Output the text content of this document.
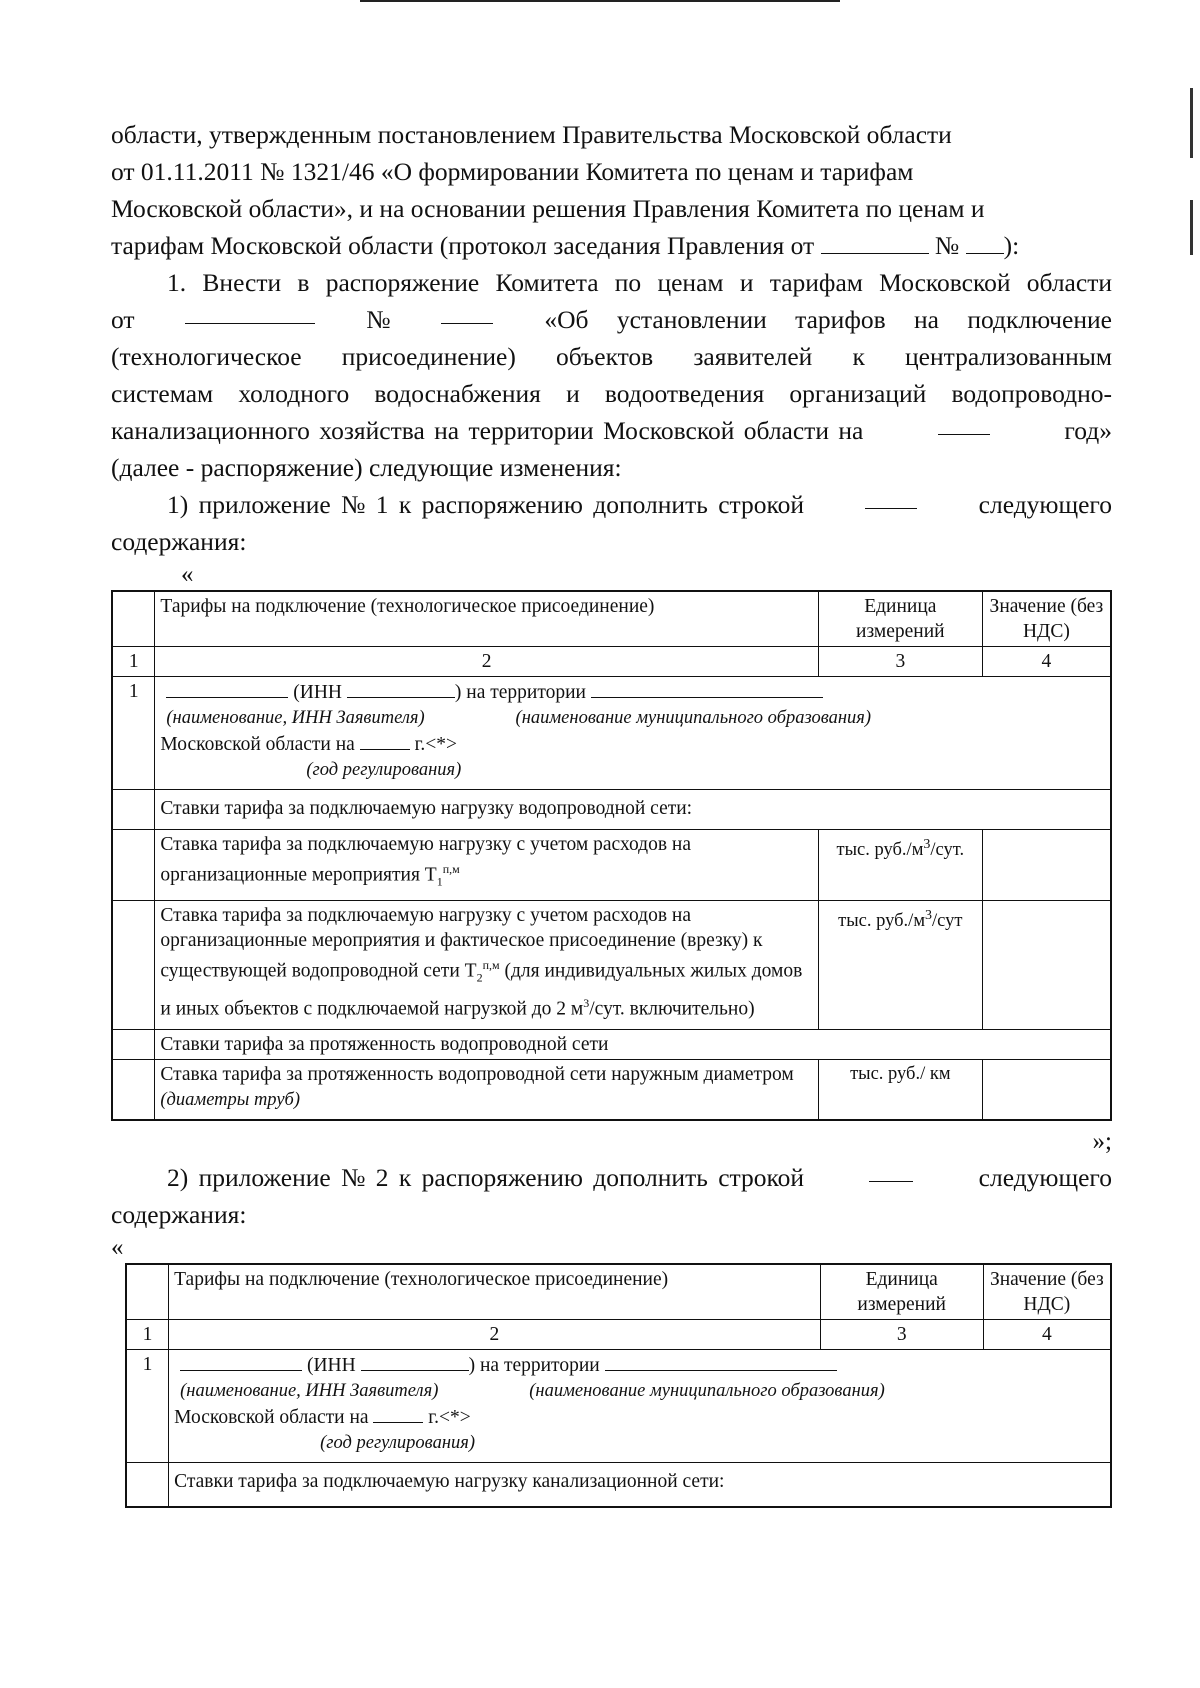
области, утвержденным постановлением Правительства Московской области
от 01.11.2011 № 1321/46 «О формировании Комитета по ценам и тарифам
Московской области», и на основании решения Правления Комитета по ценам и
тарифам Московской области (протокол заседания Правления от	№ ):

1. Внести в распоряжение Комитета по ценам и тарифам Московской области

от	№	«Об установлении тарифов на подключение

(технологическое присоединение) объектов заявителей к централизованным

системам холодного водоснабжения и водоотведения организаций водопроводно-

канализационного хозяйства на территории Московской области на	год»

(далее - распоряжение) следующие изменения:

1) приложение № 1 к распоряжению дополнить строкой	следующего

содержания:

«
	Тарифы на подключение (технологическое присоединение)	Единица измерений	Значение (без НДС)
1	2	3	4
1	(ИНН ) на территории
(наименование, ИНН Заявителя) (наименование муниципального образования)
Московской области на г.<*>
(год регулирования)		

	Ставки тарифа за подключаемую нагрузку водопроводной сети:		
	Ставка тарифа за подключаемую нагрузку с учетом расходов на организационные мероприятия $T_1^{п,м}$	тыс. $руб./м^3$/сут.	
	Ставка тарифа за подключаемую нагрузку с учетом расходов на организационные мероприятия и фактическое присоединение (врезку) к существующей водопроводной сети $T_2^{п,м}$ (для индивидуальных жилых домов и иных объектов с подключаемой нагрузкой до 2 $м^3$/сут. включительно)	тыс. $руб./м^3$/сут	
	Ставки тарифа за протяженность водопроводной сети		
	Ставка тарифа за протяженность водопроводной сети наружным диаметром (диаметры труб)	тыс. руб./ км	
»;
2) приложение № 2 к распоряжению дополнить строкой	следующего

содержания:

«
	Тарифы на подключение (технологическое присоединение)	Единица измерений	Значение (без НДС)
1	2	3	4
1	(ИНН ) на территории
(наименование, ИНН Заявителя) (наименование муниципального образования)
Московской области на г.<*>
(год регулирования)		

	Ставки тарифа за подключаемую нагрузку канализационной сети:		
